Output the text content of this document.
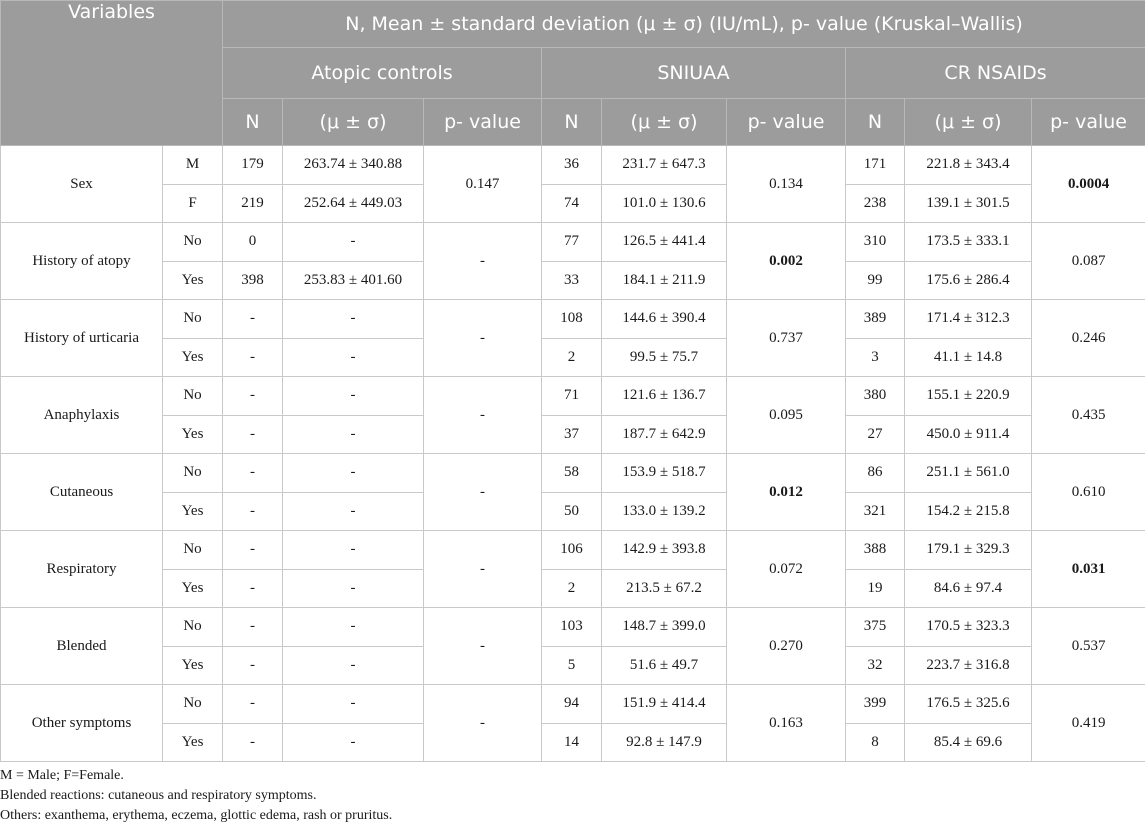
Variables		N, Mean ± standard deviation (μ ± σ) (IU/mL), p- value (Kruskal–Wallis)								
		Atopic controls			SNIUAA			CR NSAIDs		
		N	(μ ± σ)	p- value	N	(μ ± σ)	p- value	N	(μ ± σ)	p- value
Sex	M	179	263.74 ± 340.88	0.147	36	231.7 ± 647.3	0.134	171	221.8 ± 343.4	0.0004
	F	219	252.64 ± 449.03		74	101.0 ± 130.6		238	139.1 ± 301.5	
History of atopy	No	0	-	-	77	126.5 ± 441.4	0.002	310	173.5 ± 333.1	0.087
	Yes	398	253.83 ± 401.60		33	184.1 ± 211.9		99	175.6 ± 286.4	
History of urticaria	No	-	-	-	108	144.6 ± 390.4	0.737	389	171.4 ± 312.3	0.246
	Yes	-	-		2	99.5 ± 75.7		3	41.1 ± 14.8	
Anaphylaxis	No	-	-	-	71	121.6 ± 136.7	0.095	380	155.1 ± 220.9	0.435
	Yes	-	-		37	187.7 ± 642.9		27	450.0 ± 911.4	
Cutaneous	No	-	-	-	58	153.9 ± 518.7	0.012	86	251.1 ± 561.0	0.610
	Yes	-	-		50	133.0 ± 139.2		321	154.2 ± 215.8	
Respiratory	No	-	-	-	106	142.9 ± 393.8	0.072	388	179.1 ± 329.3	0.031
	Yes	-	-		2	213.5 ± 67.2		19	84.6 ± 97.4	
Blended	No	-	-	-	103	148.7 ± 399.0	0.270	375	170.5 ± 323.3	0.537
	Yes	-	-		5	51.6 ± 49.7		32	223.7 ± 316.8	
Other symptoms	No	-	-	-	94	151.9 ± 414.4	0.163	399	176.5 ± 325.6	0.419
	Yes	-	-		14	92.8 ± 147.9		8	85.4 ± 69.6	
M = Male; F=Female.
Blended reactions: cutaneous and respiratory symptoms.
Others: exanthema, erythema, eczema, glottic edema, rash or pruritus.
